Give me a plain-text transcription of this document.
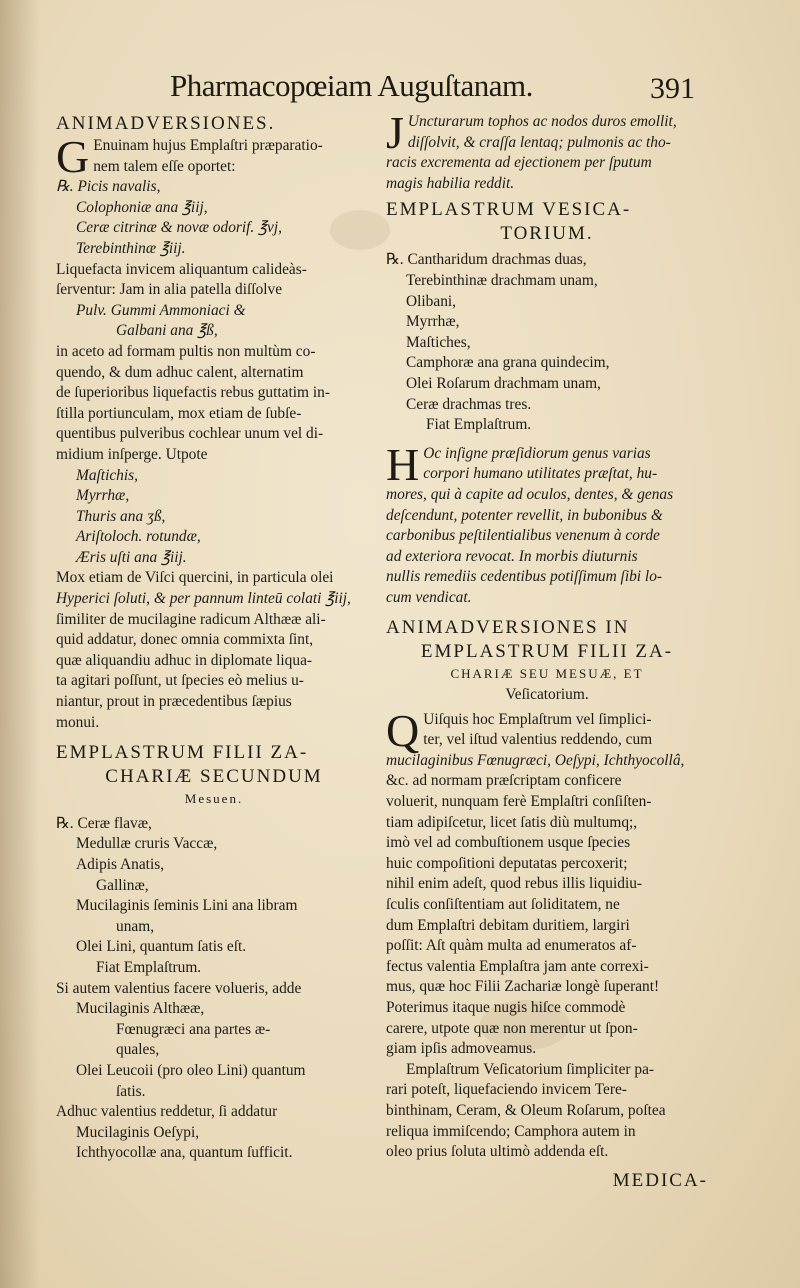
Pharmacopœiam Auguſtanam.	391
ANIMADVERSIONES.
G Enuinam hujus Emplaſtri præparatio-
nem talem eſſe oportet:
℞. Picis navalis,
Colophoniæ ana ℥iij,
Ceræ citrinæ & novæ odorif. ℥vj,
Terebinthinæ ℥iij.
Liquefacta invicem aliquantum calideàs-
ſerventur: Jam in alia patella diſſolve
Pulv. Gummi Ammoniaci &
Galbani ana ℥ß,
in aceto ad formam pultis non multùm co-
quendo, & dum adhuc calent, alternatim
de ſuperioribus liquefactis rebus guttatim in-
ſtilla portiunculam, mox etiam de ſubſe-
quentibus pulveribus cochlear unum vel di-
midium inſperge. Utpote
Maſtichis,
Myrrhæ,
Thuris ana ʒß,
Ariſtoloch. rotundæ,
Æris uſti ana ℥iij.
Mox etiam de Viſci quercini, in particula olei
Hyperici ſoluti, & per pannum linteū colati ℥iij,
ſimiliter de mucilagine radicum Althææ ali-
quid addatur, donec omnia commixta ſint,
quæ aliquandiu adhuc in diplomate liqua-
ta agitari poſſunt, ut ſpecies eò melius u-
niantur, prout in præcedentibus ſæpius
monui.
EMPLASTRUM FILII ZA-
CHARIÆ SECUNDUM
Mesuen.
℞. Ceræ flavæ,
Medullæ cruris Vaccæ,
Adipis Anatis,
Gallinæ,
Mucilaginis ſeminis Lini ana libram
unam,
Olei Lini, quantum ſatis eſt.
Fiat Emplaſtrum.
Si autem valentius facere volueris, adde
Mucilaginis Althææ,
Fœnugræci ana partes æ-
quales,
Olei Leucoii (pro oleo Lini) quantum
ſatis.
Adhuc valentius reddetur, ſi addatur
Mucilaginis Oeſypi,
Ichthyocollæ ana, quantum ſufficit.
J Uncturarum tophos ac nodos duros emollit,
diſſolvit, & craſſa lentaq; pulmonis ac tho-
racis excrementa ad ejectionem per ſputum
magis habilia reddit.
EMPLASTRUM VESICA-
TORIUM.
℞. Cantharidum drachmas duas,
Terebinthinæ drachmam unam,
Olibani,
Myrrhæ,
Maſtiches,
Camphoræ ana grana quindecim,
Olei Roſarum drachmam unam,
Ceræ drachmas tres.
Fiat Emplaſtrum.
H Oc inſigne præſidiorum genus varias
corpori humano utilitates præſtat, hu-
mores, qui à capite ad oculos, dentes, & genas
deſcendunt, potenter revellit, in bubonibus &
carbonibus peſtilentialibus venenum à corde
ad exteriora revocat. In morbis diuturnis
nullis remediis cedentibus potiſſimum ſibi lo-
cum vendicat.
ANIMADVERSIONES IN
EMPLASTRUM FILII ZA-
CHARIÆ SEU MESUÆ, ET
Veſicatorium.
Q Uiſquis hoc Emplaſtrum vel ſimplici-
ter, vel iſtud valentius reddendo, cum
mucilaginibus Fœnugræci, Oeſypi, Ichthyocollâ,
&c. ad normam præſcriptam conficere
voluerit, nunquam ferè Emplaſtri conſiſten-
tiam adipiſcetur, licet ſatis diù multumq;,
imò vel ad combuſtionem usque ſpecies
huic compoſitioni deputatas percoxerit;
nihil enim adeſt, quod rebus illis liquidiu-
ſculis conſiſtentiam aut ſoliditatem, ne
dum Emplaſtri debitam duritiem, largiri
poſſit: Aſt quàm multa ad enumeratos af-
fectus valentia Emplaſtra jam ante correxi-
mus, quæ hoc Filii Zachariæ longè ſuperant!
Poterimus itaque nugis hiſce commodè
carere, utpote quæ non merentur ut ſpon-
giam ipſis admoveamus.
Emplaſtrum Veſicatorium ſimpliciter pa-
rari poteſt, liquefaciendo invicem Tere-
binthinam, Ceram, & Oleum Roſarum, poſtea
reliqua immiſcendo; Camphora autem in
oleo prius ſoluta ultimò addenda eſt.
MEDICA-
